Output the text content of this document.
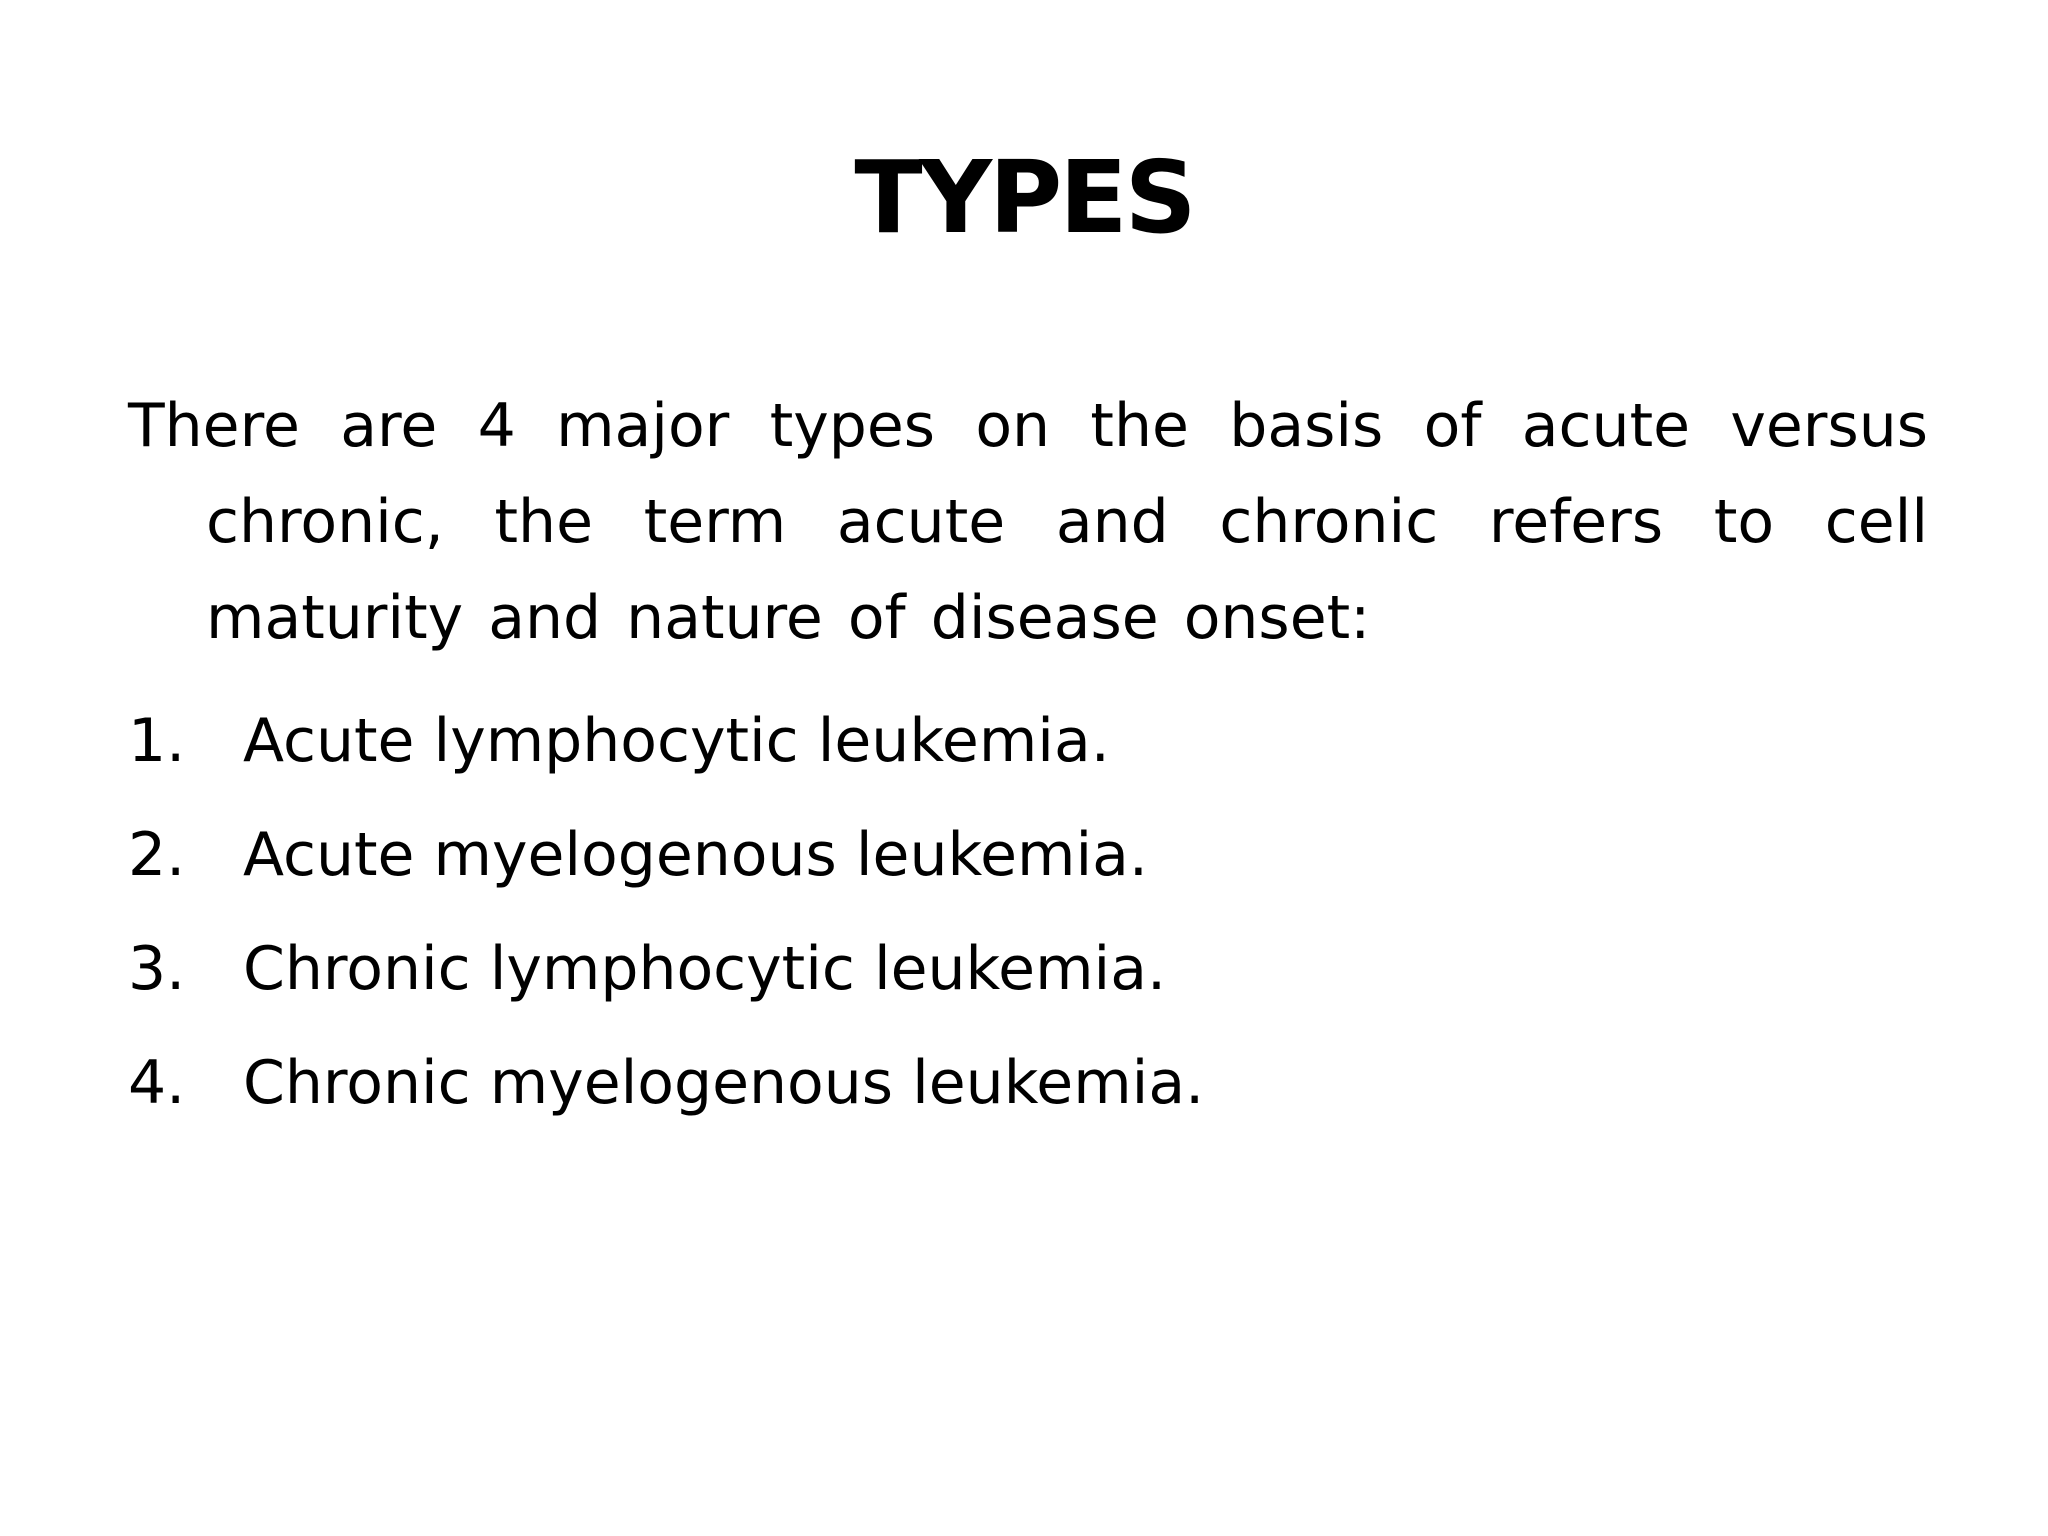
TYPES

There are 4 major types on the basis of acute versus chronic, the term acute and chronic refers to cell maturity and nature of disease onset:

1. Acute lymphocytic leukemia.
2. Acute myelogenous leukemia.
3. Chronic lymphocytic leukemia.
4. Chronic myelogenous leukemia.
